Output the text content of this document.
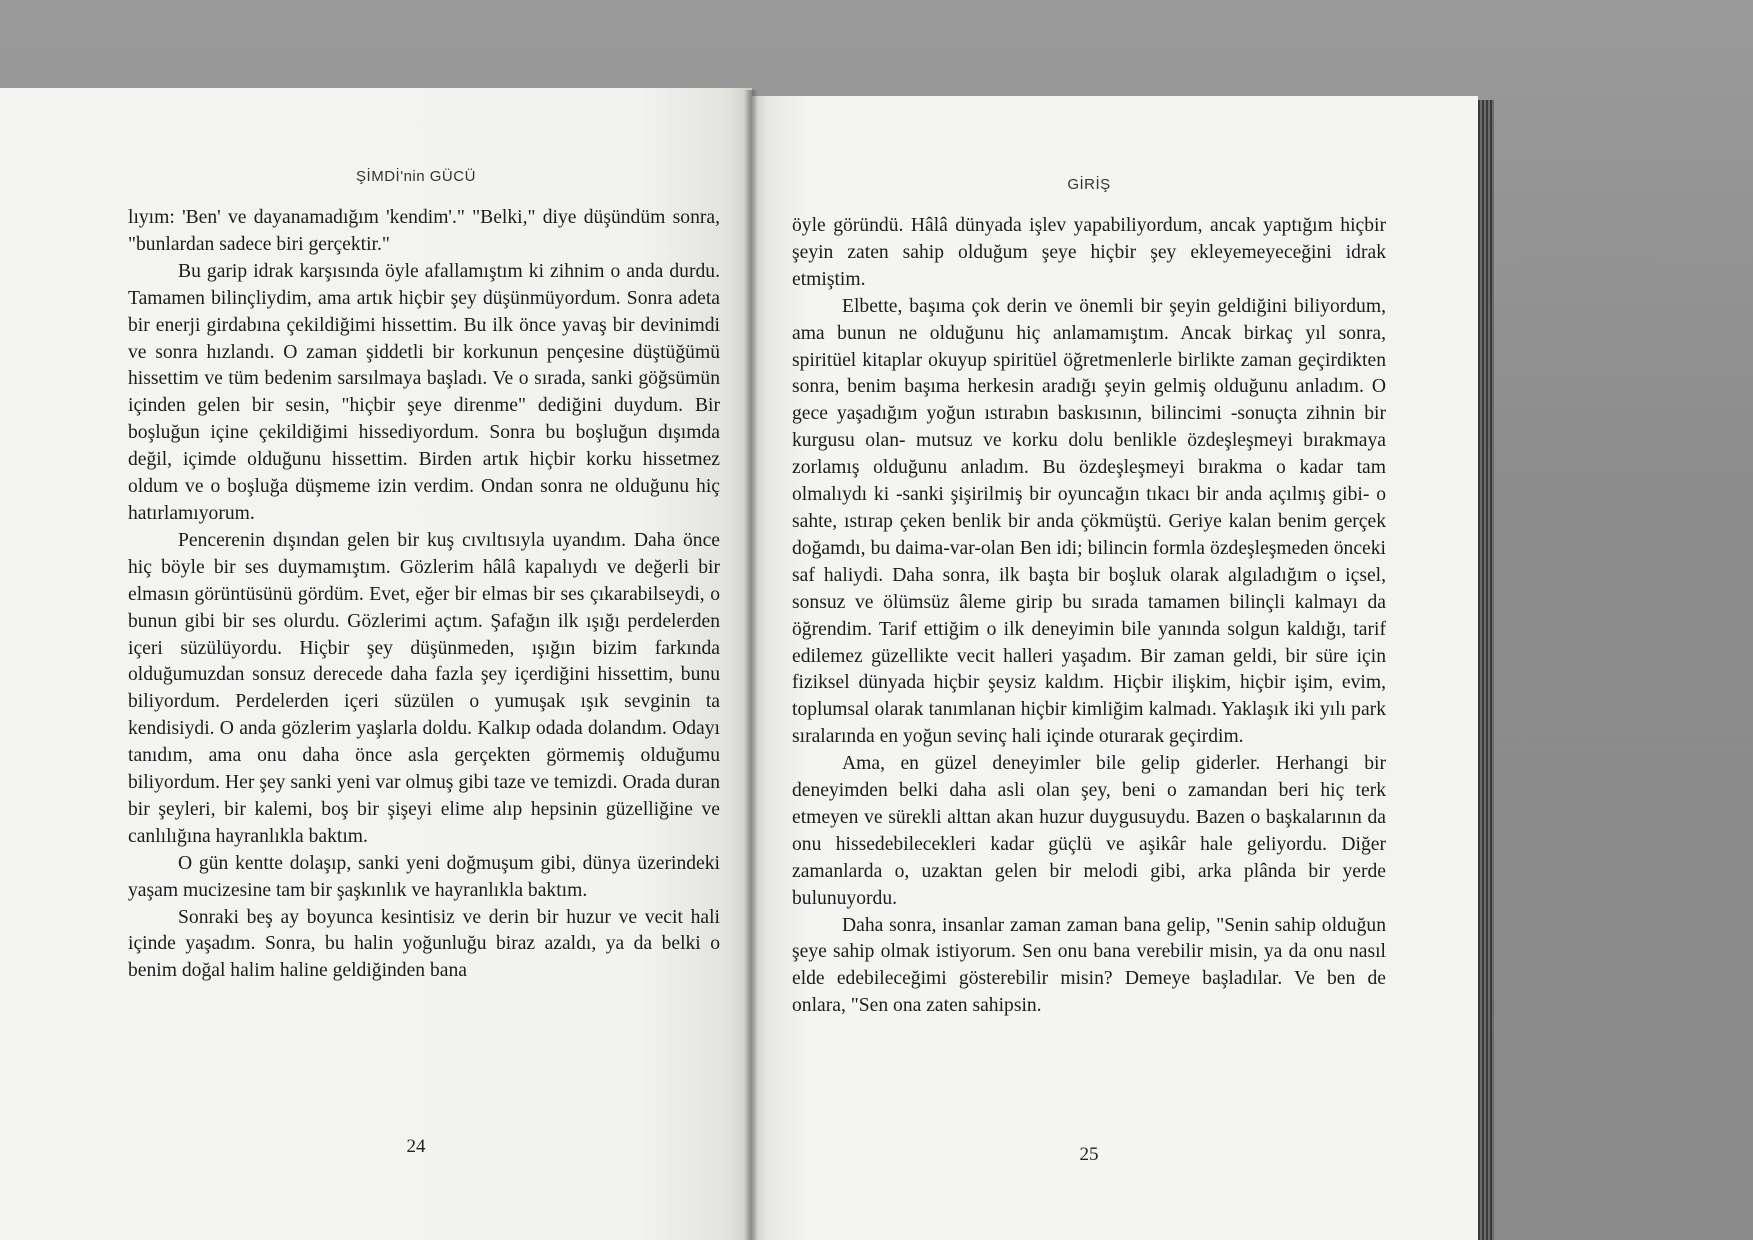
ŞİMDİ'nin GÜCÜ

lıyım: 'Ben' ve dayanamadığım 'kendim'." "Belki," diye düşündüm sonra, "bunlardan sadece biri gerçektir."

Bu garip idrak karşısında öyle afallamıştım ki zihnim o anda durdu. Tamamen bilinçliydim, ama artık hiçbir şey düşünmüyordum. Sonra adeta bir enerji girdabına çekildiğimi hissettim. Bu ilk önce yavaş bir devinimdi ve sonra hızlandı. O zaman şiddetli bir korkunun pençesine düştüğümü hissettim ve tüm bedenim sarsılmaya başladı. Ve o sırada, sanki göğsümün içinden gelen bir sesin, "hiçbir şeye direnme" dediğini duydum. Bir boşluğun içine çekildiğimi hissediyordum. Sonra bu boşluğun dışımda değil, içimde olduğunu hissettim. Birden artık hiçbir korku hissetmez oldum ve o boşluğa düşmeme izin verdim. Ondan sonra ne olduğunu hiç hatırlamıyorum.

Pencerenin dışından gelen bir kuş cıvıltısıyla uyandım. Daha önce hiç böyle bir ses duymamıştım. Gözlerim hâlâ kapalıydı ve değerli bir elmasın görüntüsünü gördüm. Evet, eğer bir elmas bir ses çıkarabilseydi, o bunun gibi bir ses olurdu. Gözlerimi açtım. Şafağın ilk ışığı perdelerden içeri süzülüyordu. Hiçbir şey düşünmeden, ışığın bizim farkında olduğumuzdan sonsuz derecede daha fazla şey içerdiğini hissettim, bunu biliyordum. Perdelerden içeri süzülen o yumuşak ışık sevginin ta kendisiydi. O anda gözlerim yaşlarla doldu. Kalkıp odada dolandım. Odayı tanıdım, ama onu daha önce asla gerçekten görmemiş olduğumu biliyordum. Her şey sanki yeni var olmuş gibi taze ve temizdi. Orada duran bir şeyleri, bir kalemi, boş bir şişeyi elime alıp hepsinin güzelliğine ve canlılığına hayranlıkla baktım.

O gün kentte dolaşıp, sanki yeni doğmuşum gibi, dünya üzerindeki yaşam mucizesine tam bir şaşkınlık ve hayranlıkla baktım.

Sonraki beş ay boyunca kesintisiz ve derin bir huzur ve vecit hali içinde yaşadım. Sonra, bu halin yoğunluğu biraz azaldı, ya da belki o benim doğal halim haline geldiğinden bana

24
GİRİŞ

öyle göründü. Hâlâ dünyada işlev yapabiliyordum, ancak yaptığım hiçbir şeyin zaten sahip olduğum şeye hiçbir şey ekleyemeyeceğini idrak etmiştim.

Elbette, başıma çok derin ve önemli bir şeyin geldiğini biliyordum, ama bunun ne olduğunu hiç anlamamıştım. Ancak birkaç yıl sonra, spiritüel kitaplar okuyup spiritüel öğretmenlerle birlikte zaman geçirdikten sonra, benim başıma herkesin aradığı şeyin gelmiş olduğunu anladım. O gece yaşadığım yoğun ıstırabın baskısının, bilincimi -sonuçta zihnin bir kurgusu olan- mutsuz ve korku dolu benlikle özdeşleşmeyi bırakmaya zorlamış olduğunu anladım. Bu özdeşleşmeyi bırakma o kadar tam olmalıydı ki -sanki şişirilmiş bir oyuncağın tıkacı bir anda açılmış gibi- o sahte, ıstırap çeken benlik bir anda çökmüştü. Geriye kalan benim gerçek doğamdı, bu daima-var-olan Ben idi; bilincin formla özdeşleşmeden önceki saf haliydi. Daha sonra, ilk başta bir boşluk olarak algıladığım o içsel, sonsuz ve ölümsüz âleme girip bu sırada tamamen bilinçli kalmayı da öğrendim. Tarif ettiğim o ilk deneyimin bile yanında solgun kaldığı, tarif edilemez güzellikte vecit halleri yaşadım. Bir zaman geldi, bir süre için fiziksel dünyada hiçbir şeysiz kaldım. Hiçbir ilişkim, hiçbir işim, evim, toplumsal olarak tanımlanan hiçbir kimliğim kalmadı. Yaklaşık iki yılı park sıralarında en yoğun sevinç hali içinde oturarak geçirdim.

Ama, en güzel deneyimler bile gelip giderler. Herhangi bir deneyimden belki daha asli olan şey, beni o zamandan beri hiç terk etmeyen ve sürekli alttan akan huzur duygusuydu. Bazen o başkalarının da onu hissedebilecekleri kadar güçlü ve aşikâr hale geliyordu. Diğer zamanlarda o, uzaktan gelen bir melodi gibi, arka plânda bir yerde bulunuyordu.

Daha sonra, insanlar zaman zaman bana gelip, "Senin sahip olduğun şeye sahip olmak istiyorum. Sen onu bana verebilir misin, ya da onu nasıl elde edebileceğimi gösterebilir misin? Demeye başladılar. Ve ben de onlara, "Sen ona zaten sahipsin.

25
